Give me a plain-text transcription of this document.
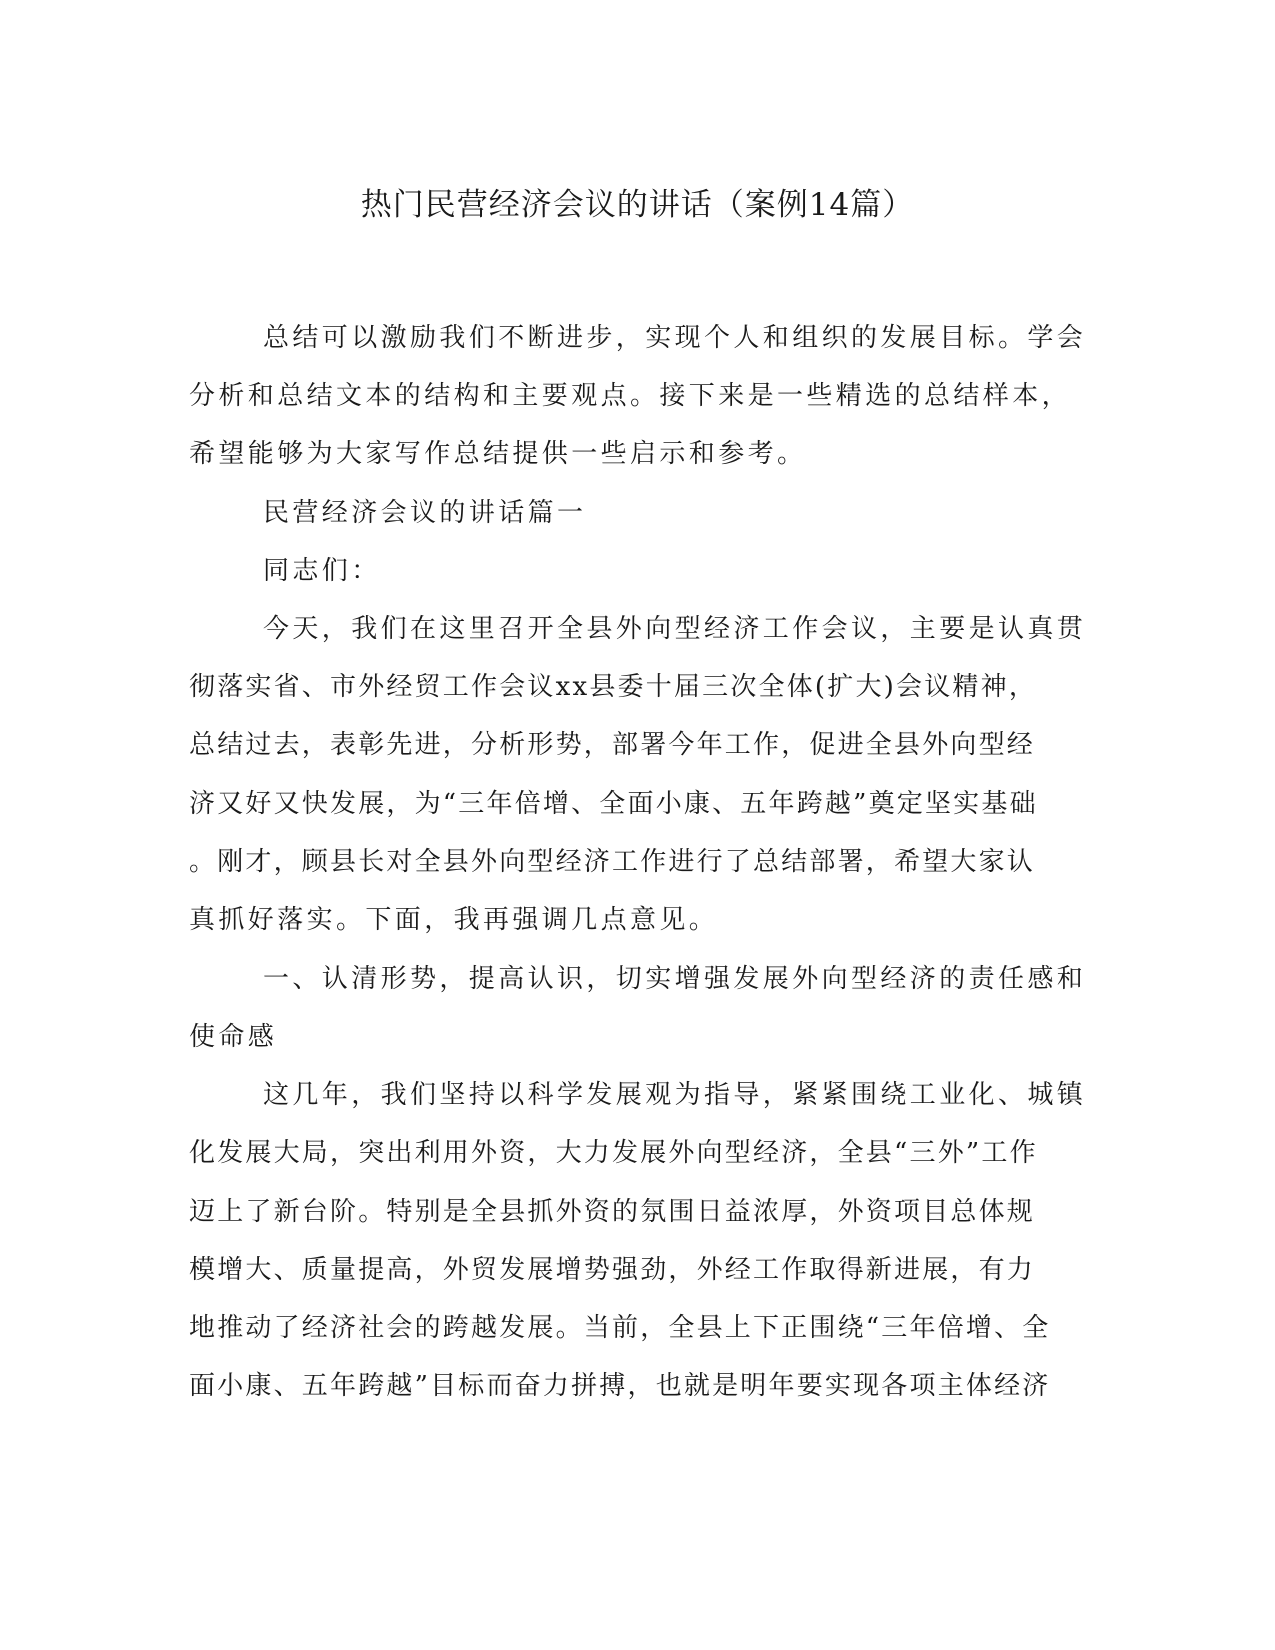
热门民营经济会议的讲话（案例14篇）
总结可以激励我们不断进步，实现个人和组织的发展目标。学会
分析和总结文本的结构和主要观点。接下来是一些精选的总结样本，
希望能够为大家写作总结提供一些启示和参考。
民营经济会议的讲话篇一
同志们：
今天，我们在这里召开全县外向型经济工作会议，主要是认真贯
彻落实省、市外经贸工作会议xx县委十届三次全体(扩大)会议精神，
总结过去，表彰先进，分析形势，部署今年工作，促进全县外向型经
济又好又快发展，为“三年倍增、全面小康、五年跨越”奠定坚实基础
。刚才，顾县长对全县外向型经济工作进行了总结部署，希望大家认
真抓好落实。下面，我再强调几点意见。
一、认清形势，提高认识，切实增强发展外向型经济的责任感和
使命感
这几年，我们坚持以科学发展观为指导，紧紧围绕工业化、城镇
化发展大局，突出利用外资，大力发展外向型经济，全县“三外”工作
迈上了新台阶。特别是全县抓外资的氛围日益浓厚，外资项目总体规
模增大、质量提高，外贸发展增势强劲，外经工作取得新进展，有力
地推动了经济社会的跨越发展。当前，全县上下正围绕“三年倍增、全
面小康、五年跨越”目标而奋力拼搏，也就是明年要实现各项主体经济
